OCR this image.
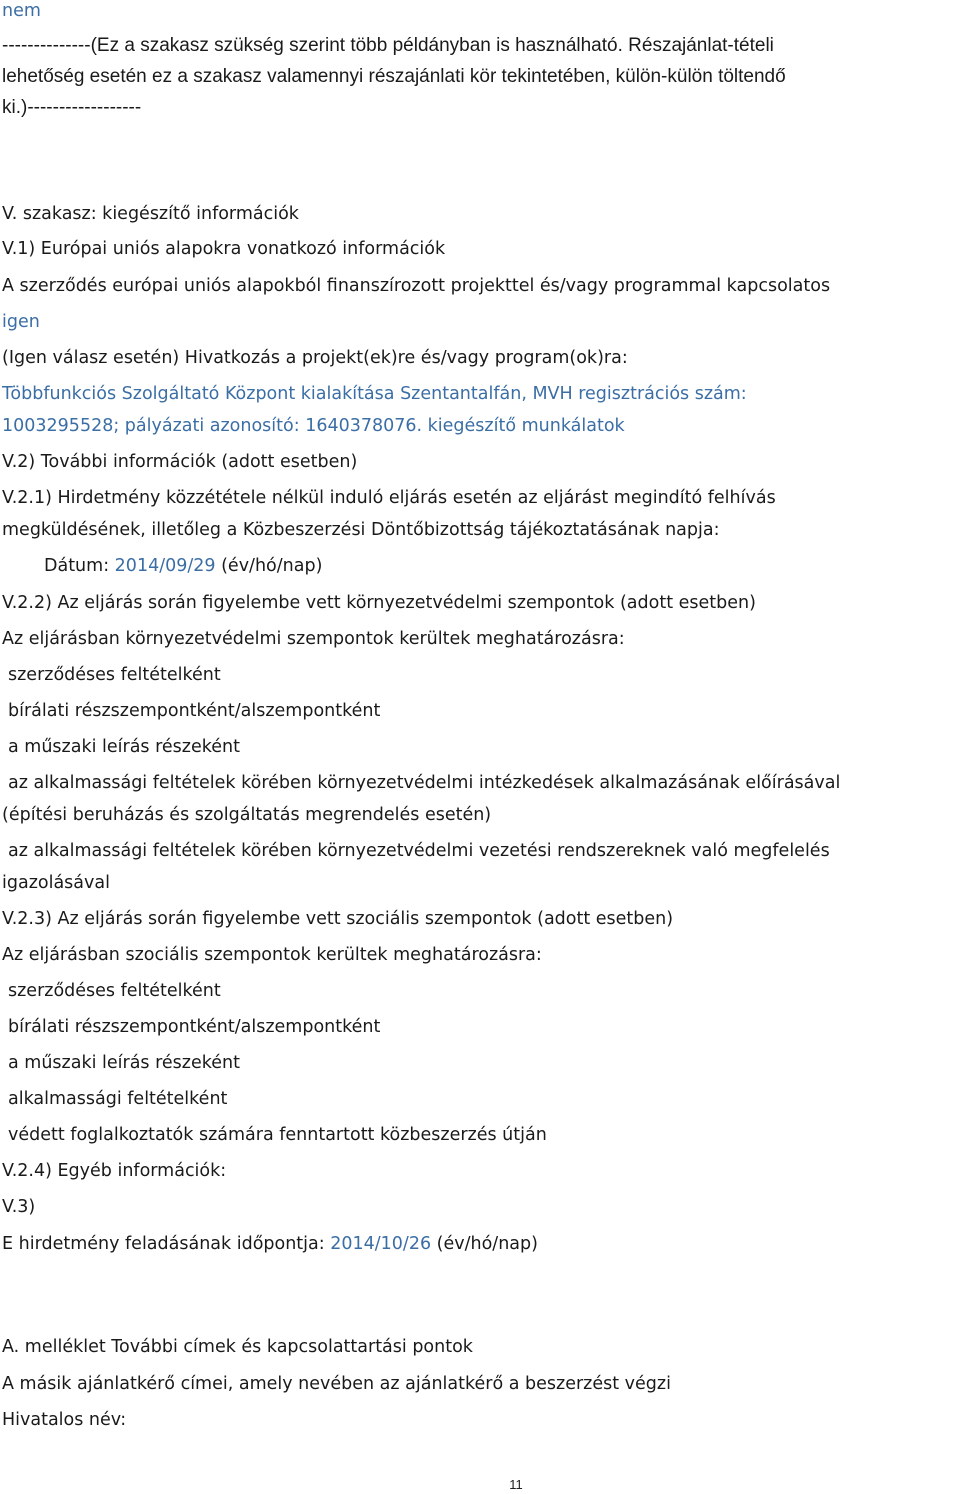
nem
--------------(Ez a szakasz szükség szerint több példányban is használható. Részajánlat-tételi
lehetőség esetén ez a szakasz valamennyi részajánlati kör tekintetében, külön-külön töltendő
ki.)------------------
V. szakasz: kiegészítő információk
V.1) Európai uniós alapokra vonatkozó információk
A szerződés európai uniós alapokból finanszírozott projekttel és/vagy programmal kapcsolatos
igen
(Igen válasz esetén) Hivatkozás a projekt(ek)re és/vagy program(ok)ra:
Többfunkciós Szolgáltató Központ kialakítása Szentantalfán, MVH regisztrációs szám:
1003295528; pályázati azonosító: 1640378076. kiegészítő munkálatok
V.2) További információk (adott esetben)
V.2.1) Hirdetmény közzététele nélkül induló eljárás esetén az eljárást megindító felhívás
megküldésének, illetőleg a Közbeszerzési Döntőbizottság tájékoztatásának napja:
Dátum: 2014/09/29 (év/hó/nap)
V.2.2) Az eljárás során figyelembe vett környezetvédelmi szempontok (adott esetben)
Az eljárásban környezetvédelmi szempontok kerültek meghatározásra:
szerződéses feltételként
bírálati részszempontként/alszempontként
a műszaki leírás részeként
az alkalmassági feltételek körében környezetvédelmi intézkedések alkalmazásának előírásával
(építési beruházás és szolgáltatás megrendelés esetén)
az alkalmassági feltételek körében környezetvédelmi vezetési rendszereknek való megfelelés
igazolásával
V.2.3) Az eljárás során figyelembe vett szociális szempontok (adott esetben)
Az eljárásban szociális szempontok kerültek meghatározásra:
szerződéses feltételként
bírálati részszempontként/alszempontként
a műszaki leírás részeként
alkalmassági feltételként
védett foglalkoztatók számára fenntartott közbeszerzés útján
V.2.4) Egyéb információk:
V.3)
E hirdetmény feladásának időpontja: 2014/10/26 (év/hó/nap)
A. melléklet További címek és kapcsolattartási pontok
A másik ajánlatkérő címei, amely nevében az ajánlatkérő a beszerzést végzi
Hivatalos név:
11
